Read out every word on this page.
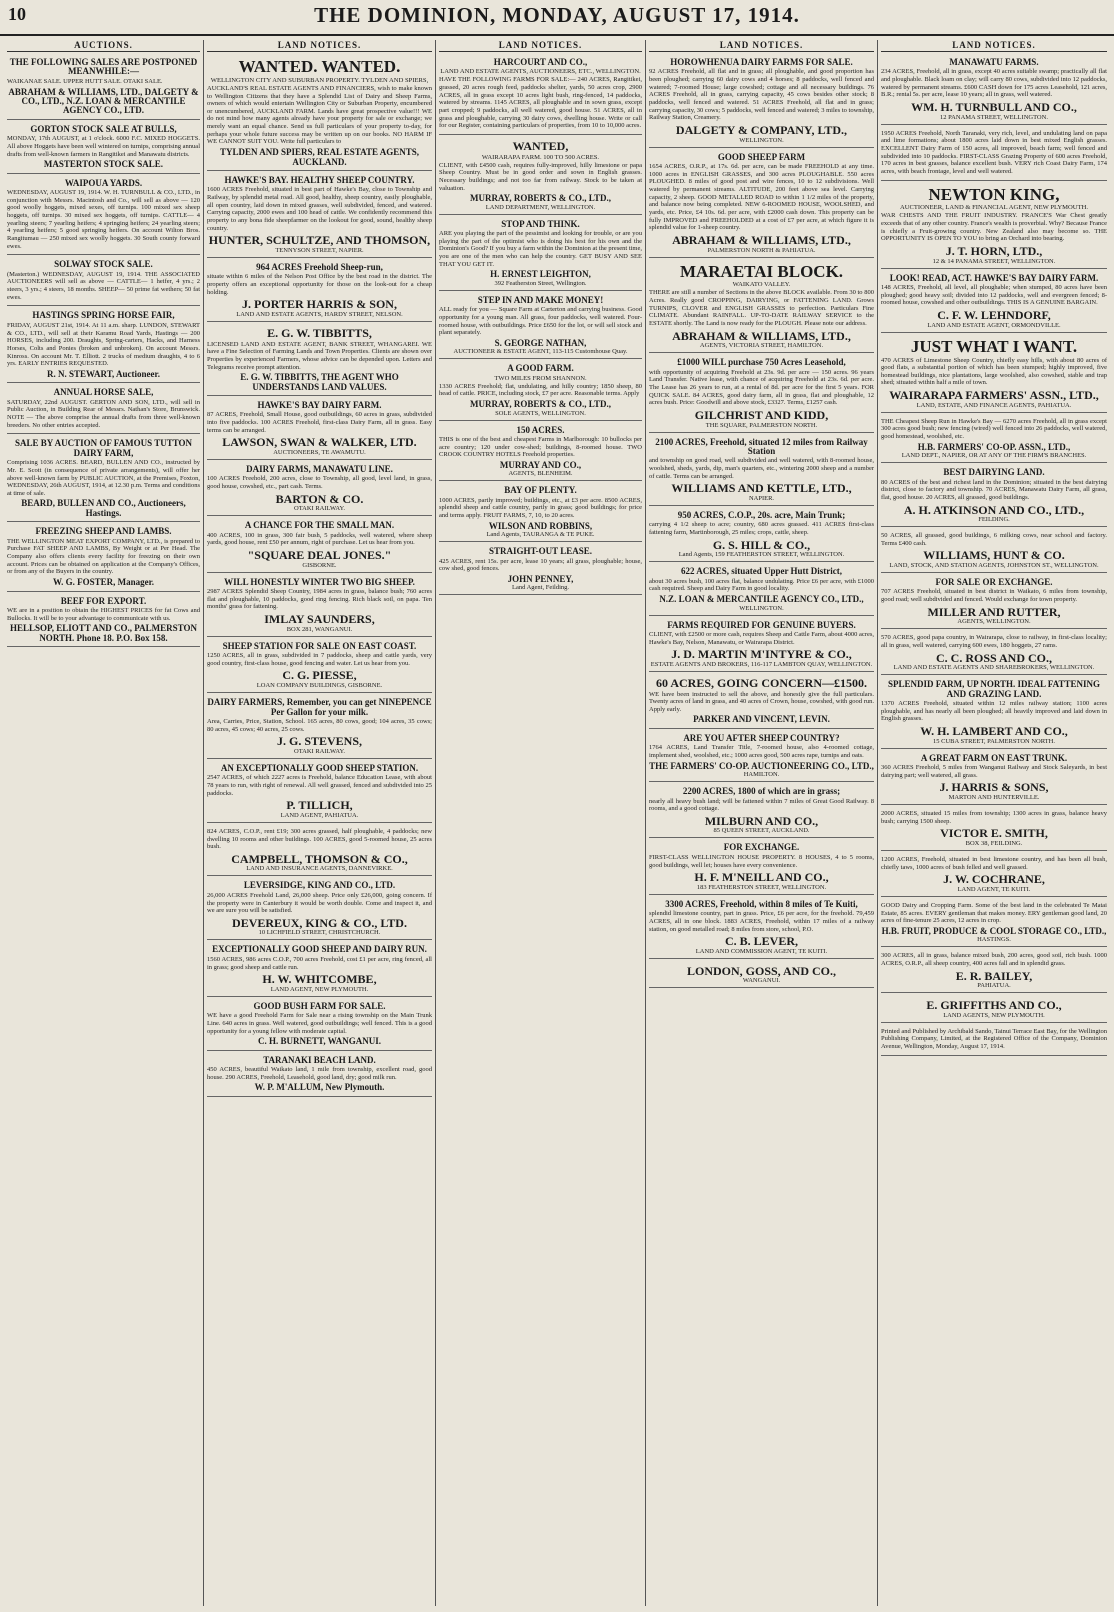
10	THE DOMINION, MONDAY, AUGUST 17, 1914.
AUCTIONS.
THE FOLLOWING SALES ARE POSTPONED MEANWHILE:—
WAIKANAE SALE. UPPER HUTT SALE. OTAKI SALE.
ABRAHAM & WILLIAMS, LTD., DALGETY & CO., LTD., N.Z. LOAN & MERCANTILE AGENCY CO., LTD.
GORTON STOCK SALE AT BULLS,
MONDAY, 17th AUGUST, at 1 o'clock. 6000 F.C. MIXED HOGGETS. All above Hoggets have been well wintered on turnips, comprising annual drafts from well-known farmers in Rangitikei and Manawatu districts.
MASTERTON STOCK SALE.
WAIPOUA YARDS.
WEDNESDAY, AUGUST 19, 1914. W. H. TURNBULL & CO., LTD., in conjunction with Messrs. Macintosh and Co., will sell as above — 120 good woolly hoggets, mixed sexes, off turnips. 100 mixed sex sheep hoggets, off turnips. 30 mixed sex hoggets, off turnips. CATTLE— 4 yearling steers; 7 yearling heifers; 4 springing heifers; 24 yearling steers; 4 yearling heifers; 5 good springing heifers. On account Wilton Bros. Rangitumau — 250 mixed sex woolly hoggets. 30 South county forward ewes.
SOLWAY STOCK SALE.
(Masterton.) WEDNESDAY, AUGUST 19, 1914. THE ASSOCIATED AUCTIONEERS will sell as above — CATTLE— 1 heifer, 4 yrs.; 2 steers, 3 yrs.; 4 steers, 18 months. SHEEP— 50 prime fat wethers; 50 fat ewes.
HASTINGS SPRING HORSE FAIR,
FRIDAY, AUGUST 21st, 1914. At 11 a.m. sharp. LUNDON, STEWART & CO., LTD., will sell at their Karamu Road Yards, Hastings — 200 HORSES, including 200. Draughts, Spring-carters, Hacks, and Harness Horses, Colts and Ponies (broken and unbroken). On account Messrs. Kinross. On account Mr. T. Elliott. 2 trucks of medium draughts, 4 to 6 yrs. EARLY ENTRIES REQUESTED.
R. N. STEWART, Auctioneer.
ANNUAL HORSE SALE,
SATURDAY, 22nd AUGUST. GERTON AND SON, LTD., will sell in Public Auction, in Building Rear of Messrs. Nathan's Store, Brunswick. NOTE — The above comprise the annual drafts from three well-known breeders. No other entries accepted.
SALE BY AUCTION OF FAMOUS TUTTON DAIRY FARM,
Comprising 1036 ACRES. BEARD, BULLEN AND CO., instructed by Mr. E. Scott (in consequence of private arrangements), will offer her above well-known farm by PUBLIC AUCTION, at the Premises, Foxton, WEDNESDAY, 26th AUGUST, 1914, at 12.30 p.m. Terms and conditions at time of sale.
BEARD, BULLEN AND CO., Auctioneers, Hastings.
FREEZING SHEEP AND LAMBS.
THE WELLINGTON MEAT EXPORT COMPANY, LTD., is prepared to Purchase FAT SHEEP AND LAMBS, By Weight or at Per Head. The Company also offers clients every facility for freezing on their own account. Prices can be obtained on application at the Company's Offices, or from any of the Buyers in the country.
W. G. FOSTER, Manager.
BEEF FOR EXPORT.
WE are in a position to obtain the HIGHEST PRICES for fat Cows and Bullocks. It will be to your advantage to communicate with us.
HELLSOP, ELIOTT AND CO., PALMERSTON NORTH. Phone 18. P.O. Box 158.
LAND NOTICES.
WANTED. WANTED.
WELLINGTON CITY AND SUBURBAN PROPERTY. TYLDEN AND SPIERS,
AUCKLAND'S REAL ESTATE AGENTS AND FINANCIERS, wish to make known to Wellington Citizens that they have a Splendid List of Dairy and Sheep Farms, owners of which would entertain Wellington City or Suburban Property, encumbered or unencumbered, AUCKLAND FARM. Lands have great prospective value!!! WE do not mind how many agents already have your property for sale or exchange; we merely want an equal chance. Send us full particulars of your property to-day, for perhaps your whole future success may be written up on our books. NO HARM IF WE CANNOT SUIT YOU. Write full particulars to
TYLDEN AND SPIERS, REAL ESTATE AGENTS, AUCKLAND.
HAWKE'S BAY. HEALTHY SHEEP COUNTRY.
1600 ACRES Freehold, situated in best part of Hawke's Bay, close to Township and Railway, by splendid metal road. All good, healthy, sheep country, easily ploughable, all open country, laid down in mixed grasses, well subdivided, fenced, and watered. Carrying capacity, 2000 ewes and 100 head of cattle. We confidently recommend this property to any bona fide sheepfarmer on the lookout for good, sound, healthy sheep country.
HUNTER, SCHULTZE, AND THOMSON,
TENNYSON STREET, NAPIER.
964 ACRES Freehold Sheep-run,
situate within 6 miles of the Nelson Post Office by the best road in the district. The property offers an exceptional opportunity for those on the look-out for a cheap holding.
J. PORTER HARRIS & SON,
LAND AND ESTATE AGENTS, HARDY STREET, NELSON.
E. G. W. TIBBITTS,
LICENSED LAND AND ESTATE AGENT, BANK STREET, WHANGAREI. WE have a Fine Selection of Farming Lands and Town Properties. Clients are shown over Properties by experienced Farmers, whose advice can be depended upon. Letters and Telegrams receive prompt attention.
E. G. W. TIBBITTS, THE AGENT WHO UNDERSTANDS LAND VALUES.
HAWKE'S BAY DAIRY FARM.
87 ACRES, Freehold, Small House, good outbuildings, 60 acres in grass, subdivided into five paddocks. 100 ACRES Freehold, first-class Dairy Farm, all in grass. Easy terms can be arranged.
LAWSON, SWAN & WALKER, LTD.
AUCTIONEERS, TE AWAMUTU.
DAIRY FARMS, MANAWATU LINE.
100 ACRES Freehold, 200 acres, close to Township, all good, level land, in grass, good house, cowshed, etc., part cash. Terms.
BARTON & CO.
OTAKI RAILWAY.
A CHANCE FOR THE SMALL MAN.
400 ACRES, 100 in grass, 300 fair bush, 5 paddocks, well watered, where sheep yards, good house, rent £50 per annum, right of purchase. Let us hear from you.
"SQUARE DEAL JONES."
GISBORNE.
WILL HONESTLY WINTER TWO BIG SHEEP.
2987 ACRES Splendid Sheep Country, 1984 acres in grass, balance bush; 760 acres flat and ploughable, 10 paddocks, good ring fencing. Rich black soil, on papa. Ten months' grass for fattening.
IMLAY SAUNDERS,
BOX 281, WANGANUI.
SHEEP STATION FOR SALE ON EAST COAST.
1250 ACRES, all in grass, subdivided in 7 paddocks, sheep and cattle yards, very good country, first-class house, good fencing and water. Let us hear from you.
C. G. PIESSE,
LOAN COMPANY BUILDINGS, GISBORNE.
DAIRY FARMERS, Remember, you can get NINEPENCE Per Gallon for your milk.
Area, Carries, Price, Station, School. 165 acres, 80 cows, good; 104 acres, 35 cows; 80 acres, 45 cows; 40 acres, 25 cows.
J. G. STEVENS,
OTAKI RAILWAY.
AN EXCEPTIONALLY GOOD SHEEP STATION.
2547 ACRES, of which 2227 acres is Freehold, balance Education Lease, with about 78 years to run, with right of renewal. All well grassed, fenced and subdivided into 25 paddocks.
P. TILLICH,
LAND AGENT, PAHIATUA.
824 ACRES, C.O.P., rent £19; 300 acres grassed, half ploughable, 4 paddocks; new dwelling 10 rooms and other buildings. 100 ACRES, good 5-roomed house, 25 acres bush.
CAMPBELL, THOMSON & CO.,
LAND AND INSURANCE AGENTS, DANNEVIRKE.
LEVERSIDGE, KING AND CO., LTD.
26,000 ACRES Freehold Land, 26,000 sheep. Price only £26,000, going concern. If the property were in Canterbury it would be worth double. Come and inspect it, and we are sure you will be satisfied.
DEVEREUX, KING & CO., LTD.
10 LICHFIELD STREET, CHRISTCHURCH.
EXCEPTIONALLY GOOD SHEEP AND DAIRY RUN.
1560 ACRES, 986 acres C.O.P., 700 acres Freehold, cost £1 per acre, ring fenced, all in grass; good sheep and cattle run.
H. W. WHITCOMBE,
LAND AGENT, NEW PLYMOUTH.
GOOD BUSH FARM FOR SALE.
WE have a good Freehold Farm for Sale near a rising township on the Main Trunk Line. 640 acres in grass. Well watered, good outbuildings; well fenced. This is a good opportunity for a young fellow with moderate capital.
C. H. BURNETT, WANGANUI.
TARANAKI BEACH LAND.
450 ACRES, beautiful Waikato land, 1 mile from township, excellent road, good house. 290 ACRES, Freehold, Leasehold, good land, dry; good milk run.
W. P. M'ALLUM, New Plymouth.
LAND NOTICES.
HARCOURT AND CO.,
LAND AND ESTATE AGENTS, AUCTIONEERS, ETC., WELLINGTON.
HAVE THE FOLLOWING FARMS FOR SALE:— 240 ACRES, Rangitikei, grassed, 20 acres rough feed, paddocks shelter, yards, 50 acres crop, 2900 ACRES, all in grass except 10 acres light bush, ring-fenced, 14 paddocks, watered by streams. 1145 ACRES, all ploughable and in sown grass, except part cropped; 9 paddocks, all well watered, good house. 51 ACRES, all in grass and ploughable, carrying 30 dairy cows, dwelling house. Write or call for our Register, containing particulars of properties, from 10 to 10,000 acres.
WANTED,
WAIRARAPA FARM. 100 TO 500 ACRES.
CLIENT, with £4500 cash, requires fully-improved, hilly limestone or papa Sheep Country. Must be in good order and sown in English grasses. Necessary buildings; and not too far from railway. Stock to be taken at valuation.
MURRAY, ROBERTS & CO., LTD.,
LAND DEPARTMENT, WELLINGTON.
STOP AND THINK.
ARE you playing the part of the pessimist and looking for trouble, or are you playing the part of the optimist who is doing his best for his own and the Dominion's Good? If you buy a farm within the Dominion at the present time, you are one of the men who can help the country. GET BUSY AND SEE THAT YOU GET IT.
H. ERNEST LEIGHTON,
392 Featherston Street, Wellington.
STEP IN AND MAKE MONEY!
ALL ready for you — Square Farm at Carterton and carrying business. Good opportunity for a young man. All grass, four paddocks, well watered. Four-roomed house, with outbuildings. Price £650 for the lot, or will sell stock and plant separately.
S. GEORGE NATHAN,
AUCTIONEER & ESTATE AGENT, 113-115 Customhouse Quay.
A GOOD FARM.
TWO MILES FROM SHANNON.
1330 ACRES Freehold; flat, undulating, and hilly country; 1850 sheep, 80 head of cattle. PRICE, including stock, £7 per acre. Reasonable terms. Apply
MURRAY, ROBERTS & CO., LTD.,
SOLE AGENTS, WELLINGTON.
150 ACRES.
THIS is one of the best and cheapest Farms in Marlborough: 10 bullocks per acre country; 120 under cow-shed; buildings, 8-roomed house. TWO CROOK COUNTRY HOTELS Freehold properties.
MURRAY AND CO.,
AGENTS, BLENHEIM.
BAY OF PLENTY.
1000 ACRES, partly improved; buildings, etc., at £3 per acre. 8500 ACRES, splendid sheep and cattle country, partly in grass; good buildings; for price and terms apply. FRUIT FARMS, 7, 10, to 20 acres.
WILSON AND ROBBINS,
Land Agents, TAURANGA & TE PUKE.
STRAIGHT-OUT LEASE.
425 ACRES, rent 15s. per acre, lease 10 years; all grass, ploughable; house, cow shed, good fences.
JOHN PENNEY,
Land Agent, Feilding.
LAND NOTICES.
HOROWHENUA DAIRY FARMS FOR SALE.
92 ACRES Freehold, all flat and in grass; all ploughable, and good proportion has been ploughed; carrying 60 dairy cows and 4 horses; 8 paddocks, well fenced and watered; 7-roomed House; large cowshed; cottage and all necessary buildings. 76 ACRES Freehold, all in grass, carrying capacity, 45 cows besides other stock; 8 paddocks, well fenced and watered. 51 ACRES Freehold, all flat and in grass; carrying capacity, 30 cows; 5 paddocks, well fenced and watered; 3 miles to township, Railway Station, Creamery.
DALGETY & COMPANY, LTD.,
WELLINGTON.
GOOD SHEEP FARM
1654 ACRES, O.R.P., at 17s. 6d. per acre, can be made FREEHOLD at any time. 1000 acres in ENGLISH GRASSES, and 300 acres PLOUGHABLE. 550 acres PLOUGHED. 8 miles of good post and wire fences, 10 to 12 subdivisions. Well watered by permanent streams. ALTITUDE, 200 feet above sea level. Carrying capacity, 2 sheep. GOOD METALLED ROAD to within 1 1/2 miles of the property, and balance now being completed. NEW 6-ROOMED HOUSE, WOOLSHED, and yards, etc. Price, £4 10s. 6d. per acre, with £2000 cash down. This property can be fully IMPROVED and FREEHOLDED at a cost of £7 per acre, at which figure it is splendid value for 1-sheep country.
ABRAHAM & WILLIAMS, LTD.,
PALMERSTON NORTH & PAHIATUA.
MARAETAI BLOCK.
WAIKATO VALLEY.
THERE are still a number of Sections in the above BLOCK available. From 30 to 800 Acres. Really good CROPPING, DAIRYING, or FATTENING LAND. Grows TURNIPS, CLOVER and ENGLISH GRASSES to perfection. Particulars Fine CLIMATE. Abundant RAINFALL. UP-TO-DATE RAILWAY SERVICE to the ESTATE shortly. The Land is now ready for the PLOUGH. Please note our address.
ABRAHAM & WILLIAMS, LTD.,
AGENTS, VICTORIA STREET, HAMILTON.
£1000 WILL purchase 750 Acres Leasehold,
with opportunity of acquiring Freehold at 23s. 9d. per acre — 150 acres. 96 years Land Transfer. Native lease, with chance of acquiring Freehold at 23s. 6d. per acre. The Lease has 26 years to run, at a rental of 8d. per acre for the first 5 years. FOR QUICK SALE. 84 ACRES, good dairy farm, all in grass, flat and ploughable, 12 acres bush. Price: Goodwill and above stock, £3327. Terms, £1257 cash.
GILCHRIST AND KIDD,
THE SQUARE, PALMERSTON NORTH.
2100 ACRES, Freehold, situated 12 miles from Railway Station
and township on good road, well subdivided and well watered, with 8-roomed house, woolshed, sheds, yards, dip, man's quarters, etc., wintering 2000 sheep and a number of cattle. Terms can be arranged.
WILLIAMS AND KETTLE, LTD.,
NAPIER.
950 ACRES, C.O.P., 20s. acre, Main Trunk;
carrying 4 1/2 sheep to acre; country, 680 acres grassed. 411 ACRES first-class fattening farm, Martinborough, 25 miles; crops, cattle, sheep.
G. S. HILL & CO.,
Land Agents, 159 FEATHERSTON STREET, WELLINGTON.
622 ACRES, situated Upper Hutt District,
about 30 acres bush, 100 acres flat, balance undulating. Price £6 per acre, with £1000 cash required. Sheep and Dairy Farm in good locality.
N.Z. LOAN & MERCANTILE AGENCY CO., LTD.,
WELLINGTON.
FARMS REQUIRED FOR GENUINE BUYERS.
CLIENT, with £2500 or more cash, requires Sheep and Cattle Farm, about 4000 acres, Hawke's Bay, Nelson, Manawatu, or Wairarapa District.
J. D. MARTIN M'INTYRE & CO.,
ESTATE AGENTS AND BROKERS, 116-117 LAMBTON QUAY, WELLINGTON.
60 ACRES, GOING CONCERN—£1500.
WE have been instructed to sell the above, and honestly give the full particulars. Twenty acres of land in grass, and 40 acres of Crown, house, cowshed, with good run. Apply early.
PARKER AND VINCENT, LEVIN.
ARE YOU AFTER SHEEP COUNTRY?
1764 ACRES, Land Transfer Title, 7-roomed house, also 4-roomed cottage, implement shed, woolshed, etc.; 1000 acres good, 500 acres rape, turnips and oats.
THE FARMERS' CO-OP. AUCTIONEERING CO., LTD.,
HAMILTON.
2200 ACRES, 1800 of which are in grass;
nearly all heavy bush land; will be fattened within 7 miles of Great Good Railway. 8 rooms, and a good cottage.
MILBURN AND CO.,
85 QUEEN STREET, AUCKLAND.
FOR EXCHANGE.
FIRST-CLASS WELLINGTON HOUSE PROPERTY. 8 HOUSES, 4 to 5 rooms, good buildings, well let; houses have every convenience.
H. F. M'NEILL AND CO.,
183 FEATHERSTON STREET, WELLINGTON.
3300 ACRES, Freehold, within 8 miles of Te Kuiti,
splendid limestone country, part in grass. Price, £6 per acre, for the freehold. 79,459 ACRES, all in one block. 1883 ACRES, Freehold, within 17 miles of a railway station, on good metalled road; 8 miles from store, school, P.O.
C. B. LEVER,
LAND AND COMMISSION AGENT, TE KUITI.
LONDON, GOSS, AND CO.,
WANGANUI.
LAND NOTICES.
MANAWATU FARMS.
234 ACRES, Freehold, all in grass, except 40 acres suitable swamp; practically all flat and ploughable. Black loam on clay; will carry 80 cows, subdivided into 12 paddocks, watered by permanent streams. £600 CASH down for 175 acres Leasehold, 121 acres, B.R.; rental 5s. per acre, lease 10 years; all in grass, well watered.
WM. H. TURNBULL AND CO.,
12 PANAMA STREET, WELLINGTON.
1950 ACRES Freehold, North Taranaki, very rich, level, and undulating land on papa and lime formations; about 1800 acres laid down in best mixed English grasses. EXCELLENT Dairy Farm of 150 acres, all improved, beach farm; well fenced and subdivided into 10 paddocks. FIRST-CLASS Grazing Property of 600 acres Freehold, 170 acres in best grasses, balance excellent bush. VERY rich Coast Dairy Farm, 174 acres, with beach frontage, level and well watered.
NEWTON KING,
AUCTIONEER, LAND & FINANCIAL AGENT, NEW PLYMOUTH.
WAR CHESTS AND THE FRUIT INDUSTRY. FRANCE'S War Chest greatly exceeds that of any other country. France's wealth is proverbial. Why? Because France is chiefly a Fruit-growing country. New Zealand also may become so. THE OPPORTUNITY IS OPEN TO YOU to bring an Orchard into bearing.
J. T. HORN, LTD.,
12 & 14 PANAMA STREET, WELLINGTON.
LOOK! READ, ACT. HAWKE'S BAY DAIRY FARM.
148 ACRES, Freehold, all level, all ploughable; when stumped, 80 acres have been ploughed; good heavy soil; divided into 12 paddocks, well and evergreen fenced; 8-roomed house, cowshed and other outbuildings. THIS IS A GENUINE BARGAIN.
C. F. W. LEHNDORF,
LAND AND ESTATE AGENT, ORMONDVILLE.
JUST WHAT I WANT.
470 ACRES of Limestone Sheep Country, chiefly easy hills, with about 80 acres of good flats, a substantial portion of which has been stumped; highly improved, five homestead buildings, nice plantations, large woolshed, also cowshed, stable and trap shed; situated within half a mile of town.
WAIRARAPA FARMERS' ASSN., LTD.,
LAND, ESTATE, AND FINANCE AGENTS, PAHIATUA.
THE Cheapest Sheep Run in Hawke's Bay — 6270 acres Freehold, all in grass except 300 acres good bush; new fencing (wired) well fenced into 26 paddocks, well watered, good homestead, woolshed, etc.
H.B. FARMERS' CO-OP. ASSN., LTD.,
LAND DEPT., NAPIER, OR AT ANY OF THE FIRM'S BRANCHES.
BEST DAIRYING LAND.
80 ACRES of the best and richest land in the Dominion; situated in the best dairying district, close to factory and township. 70 ACRES, Manawatu Dairy Farm, all grass, flat, good house. 20 ACRES, all grassed, good buildings.
A. H. ATKINSON AND CO., LTD.,
FEILDING.
50 ACRES, all grassed, good buildings, 6 milking cows, near school and factory. Terms £400 cash.
WILLIAMS, HUNT & CO.
LAND, STOCK, AND STATION AGENTS, JOHNSTON ST., WELLINGTON.
FOR SALE OR EXCHANGE.
707 ACRES Freehold, situated in best district in Waikato, 6 miles from township, good road; well subdivided and fenced. Would exchange for town property.
MILLER AND RUTTER,
AGENTS, WELLINGTON.
570 ACRES, good papa country, in Wairarapa, close to railway, in first-class locality; all in grass, well watered, carrying 600 ewes, 180 hoggets, 27 rams.
C. C. ROSS AND CO.,
LAND AND ESTATE AGENTS AND SHAREBROKERS, WELLINGTON.
SPLENDID FARM, UP NORTH. IDEAL FATTENING AND GRAZING LAND.
1370 ACRES Freehold, situated within 12 miles railway station; 1100 acres ploughable, and has nearly all been ploughed; all heavily improved and laid down in English grasses.
W. H. LAMBERT AND CO.,
15 CUBA STREET, PALMERSTON NORTH.
A GREAT FARM ON EAST TRUNK.
360 ACRES Freehold, 5 miles from Wanganui Railway and Stock Saleyards, in best dairying part; well watered, all grass.
J. HARRIS & SONS,
MARTON AND HUNTERVILLE.
2000 ACRES, situated 15 miles from township; 1300 acres in grass, balance heavy bush; carrying 1500 sheep.
VICTOR E. SMITH,
BOX 38, FEILDING.
1200 ACRES, Freehold, situated in best limestone country, and has been all bush, chiefly taws, 1000 acres of bush felled and well grassed.
J. W. COCHRANE,
LAND AGENT, TE KUITI.
GOOD Dairy and Cropping Farm. Some of the best land in the celebrated Te Matai Estate, 85 acres. EVERY gentleman that makes money. ERY gentleman good land, 20 acres of fine-tenure 25 acres, 12 acres in crop.
H.B. FRUIT, PRODUCE & COOL STORAGE CO., LTD.,
HASTINGS.
300 ACRES, all in grass, balance mixed bush, 200 acres, good soil, rich bush. 1000 ACRES, O.R.P., all sheep country, 400 acres fall and in splendid grass.
E. R. BAILEY,
PAHIATUA.
E. GRIFFITHS AND CO.,
LAND AGENTS, NEW PLYMOUTH.
Printed and Published by Archibald Sando, Tainui Terrace East Bay, for the Wellington Publishing Company, Limited, at the Registered Office of the Company, Dominion Avenue, Wellington, Monday, August 17, 1914.
